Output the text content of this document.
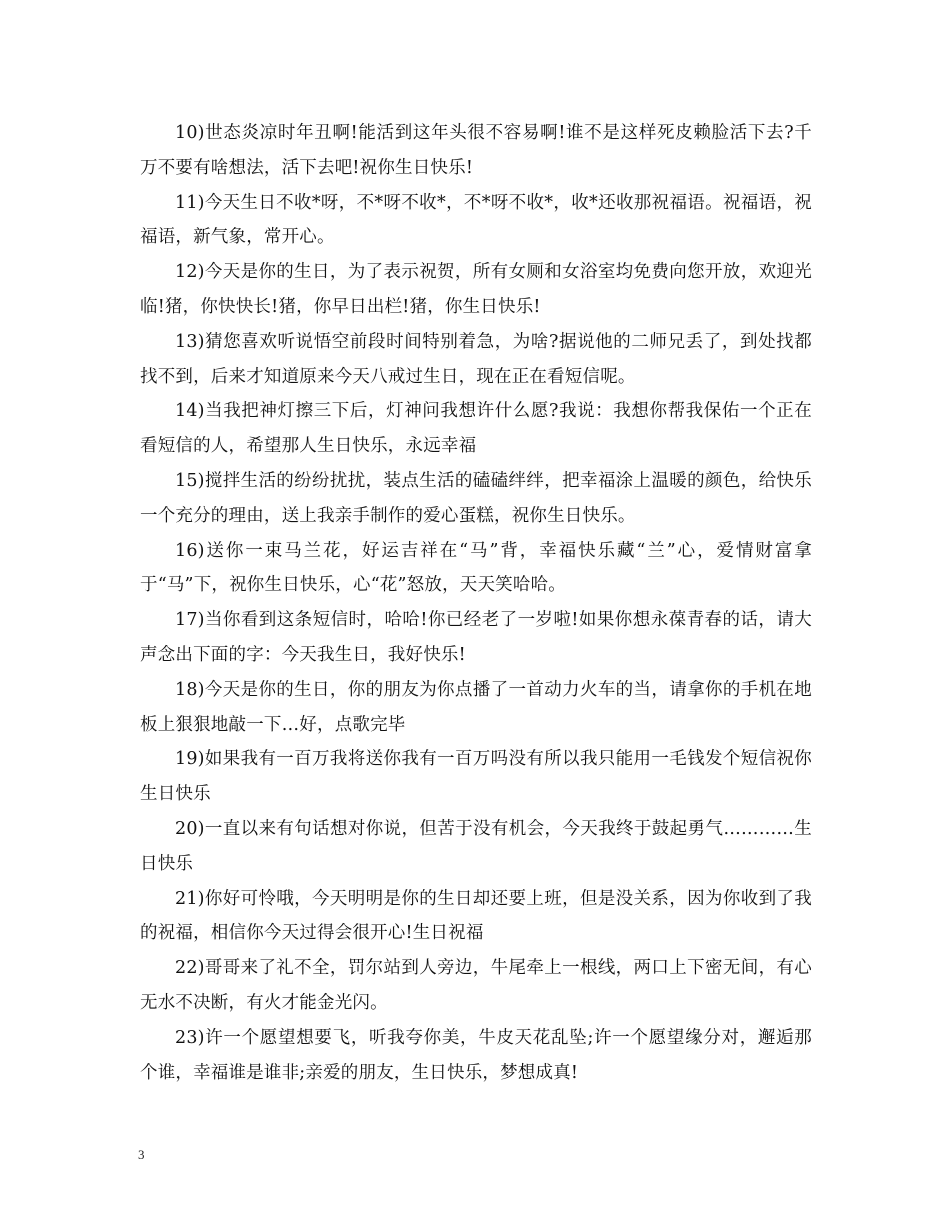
10)世态炎凉时年丑啊!能活到这年头很不容易啊!谁不是这样死皮赖脸活下去?千万不要有啥想法，活下去吧!祝你生日快乐!

11)今天生日不收*呀，不*呀不收*，不*呀不收*，收*还收那祝福语。祝福语，祝福语，新气象，常开心。

12)今天是你的生日，为了表示祝贺，所有女厕和女浴室均免费向您开放，欢迎光临!猪，你快快长!猪，你早日出栏!猪，你生日快乐!

13)猜您喜欢听说悟空前段时间特别着急，为啥?据说他的二师兄丢了，到处找都找不到，后来才知道原来今天八戒过生日，现在正在看短信呢。

14)当我把神灯擦三下后，灯神问我想许什么愿?我说：我想你帮我保佑一个正在看短信的人，希望那人生日快乐，永远幸福

15)搅拌生活的纷纷扰扰，装点生活的磕磕绊绊，把幸福涂上温暖的颜色，给快乐一个充分的理由，送上我亲手制作的爱心蛋糕，祝你生日快乐。

16)送你一束马兰花，好运吉祥在“马”背，幸福快乐藏“兰”心，爱情财富拿于“马”下，祝你生日快乐，心“花”怒放，天天笑哈哈。

17)当你看到这条短信时，哈哈!你已经老了一岁啦!如果你想永葆青春的话，请大声念出下面的字：今天我生日，我好快乐!

18)今天是你的生日，你的朋友为你点播了一首动力火车的当，请拿你的手机在地板上狠狠地敲一下…好，点歌完毕

19)如果我有一百万我将送你我有一百万吗没有所以我只能用一毛钱发个短信祝你生日快乐

20)一直以来有句话想对你说，但苦于没有机会，今天我终于鼓起勇气…………生日快乐

21)你好可怜哦，今天明明是你的生日却还要上班，但是没关系，因为你收到了我的祝福，相信你今天过得会很开心!生日祝福

22)哥哥来了礼不全，罚尔站到人旁边，牛尾牵上一根线，两口上下密无间，有心无水不决断，有火才能金光闪。

23)许一个愿望想要飞，听我夸你美，牛皮天花乱坠;许一个愿望缘分对，邂逅那个谁，幸福谁是谁非;亲爱的朋友，生日快乐，梦想成真!

3
